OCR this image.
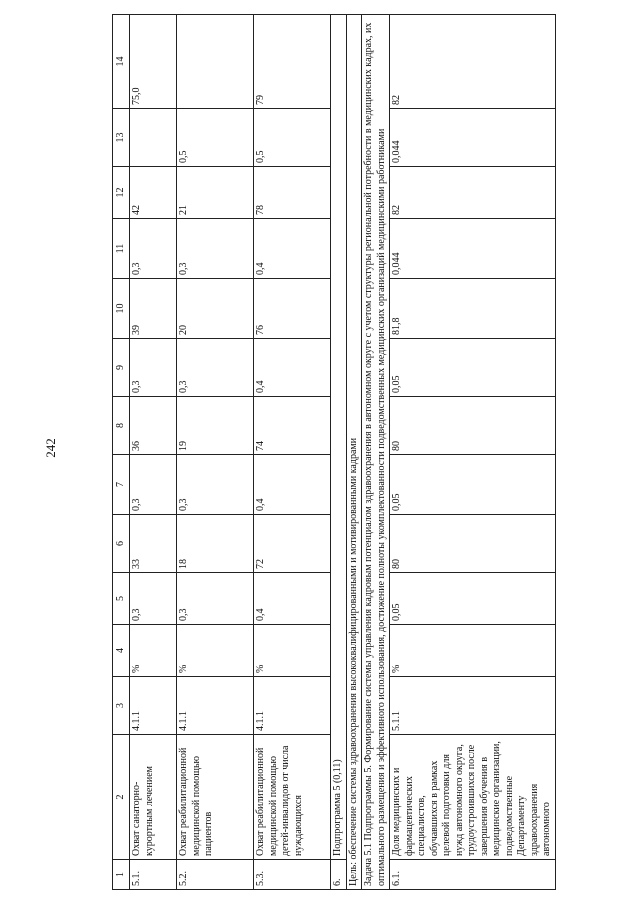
242
1	2	3	4	5	6	7	8	9	10	11	12	13	14
5.1.	Охват санаторно-курортным лечением	4.1.1	%	0,3	33	0,3	36	0,3	39	0,3	42		75,0
5.2.	Охват реабилитационной медицинской помощью пациентов	4.1.1	%	0,3	18	0,3	19	0,3	20	0,3	21	0,5	
5.3.	Охват реабилитационной медицинской помощью детей-инвалидов от числа нуждающихся	4.1.1	%	0,4	72	0,4	74	0,4	76	0,4	78	0,5	79
6.	Подпрограмма 5 (0,11)												
Цель: обеспечение системы здравоохранения высококвалифицированными и мотивированными кадрами													
Задача 5.1 Подпрограммы 5. Формирование системы управления кадровым потенциалом здравоохранения в автономном округе с учетом структуры региональной потребности в медицинских кадрах, их оптимального размещения и эффективного использования, достижение полноты укомплектованности подведомственных медицинских организаций медицинскими работниками													
6.1.	Доля медицинских и фармацевтических специалистов, обучавшихся в рамках целевой подготовки для нужд автономного округа, трудоустроившихся после завершения обучения в медицинские организации, подведомственные Департаменту здравоохранения автономного	5.1.1	%	0,05	80	0,05	80	0,05	81,8	0,044	82	0,044	82
